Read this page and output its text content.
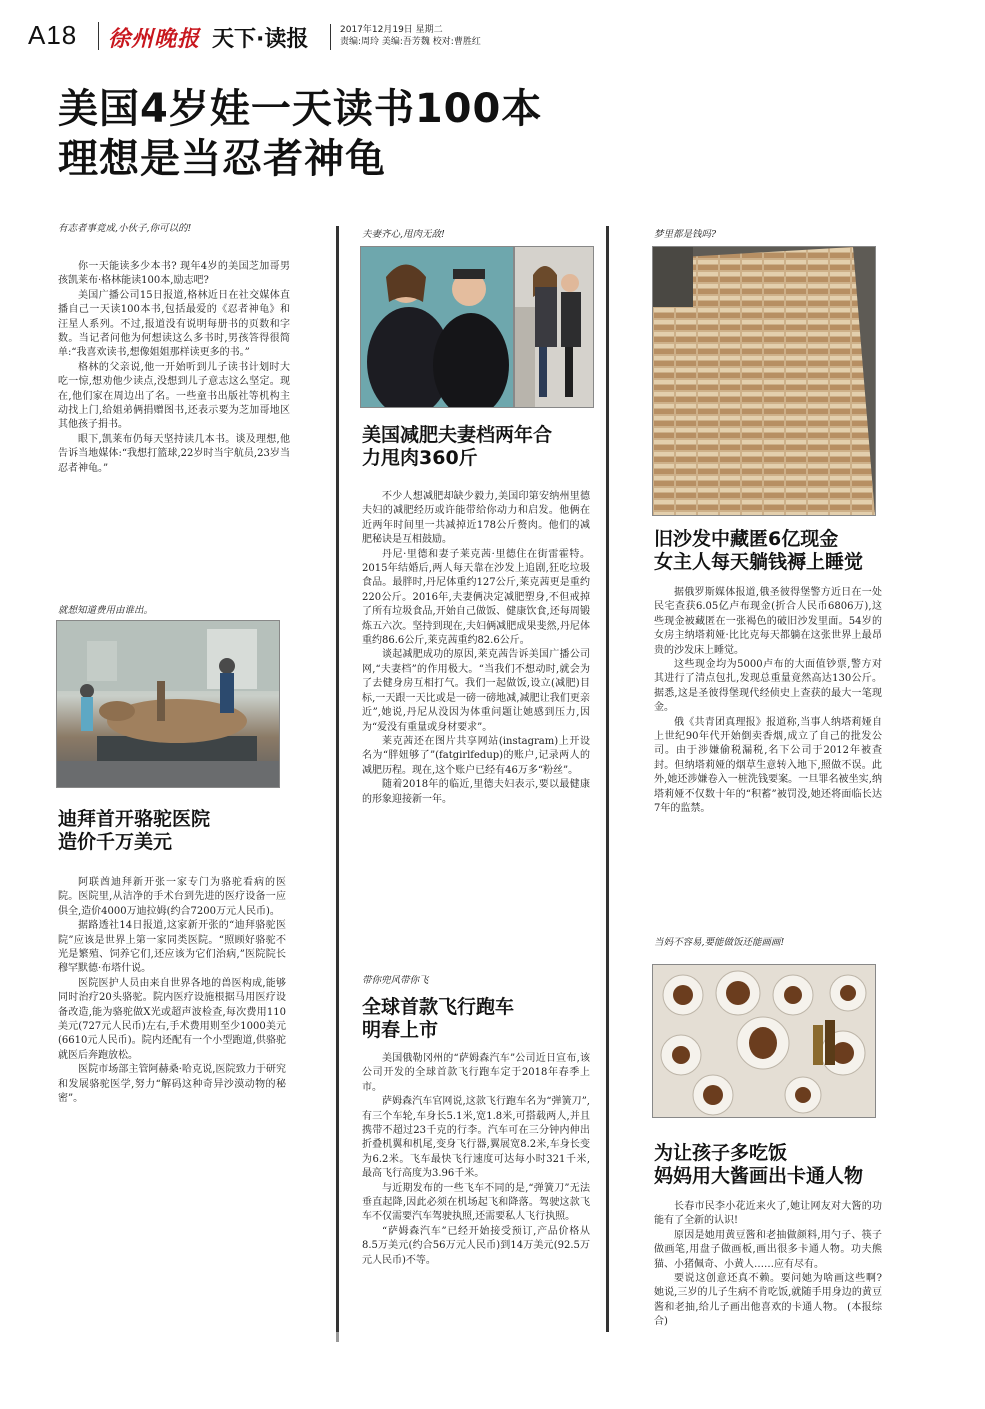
A18 徐州晚报 天下·读报	2017年12月19日 星期二
责编:周玲 美编:吾芳魏 校对:曹胜红
美国4岁娃一天读书100本
理想是当忍者神龟
有志者事竟成,小伙子,你可以的!

你一天能读多少本书? 现年4岁的美国芝加哥男孩凯莱布·格林能读100本,励志吧?

美国广播公司15日报道,格林近日在社交媒体直播自己一天读100本书,包括最爱的《忍者神龟》和汪星人系列。不过,报道没有说明每册书的页数和字数。当记者问他为何想读这么多书时,男孩答得很简单:“我喜欢读书,想像姐姐那样读更多的书。”

格林的父亲说,他一开始听到儿子读书计划时大吃一惊,想劝他少读点,没想到儿子意志这么坚定。现在,他们家在周边出了名。一些童书出版社等机构主动找上门,给姐弟俩捐赠图书,还表示要为芝加哥地区其他孩子捐书。

眼下,凯莱布仍每天坚持读几本书。谈及理想,他告诉当地媒体:“我想打篮球,22岁时当宇航员,23岁当忍者神龟。”

就想知道费用由谁出。
迪拜首开骆驼医院
造价千万美元

阿联酋迪拜新开张一家专门为骆驼看病的医院。医院里,从洁净的手术台到先进的医疗设备一应俱全,造价4000万迪拉姆(约合7200万元人民币)。

据路透社14日报道,这家新开张的“迪拜骆驼医院”应该是世界上第一家同类医院。“照顾好骆驼不光是繁殖、饲养它们,还应该为它们治病,”医院院长穆罕默德·布塔什说。

医院医护人员由来自世界各地的兽医构成,能够同时治疗20头骆驼。院内医疗设施根据马用医疗设备改造,能为骆驼做X光或超声波检查,每次费用110美元(727元人民币)左右,手术费用则至少1000美元(6610元人民币)。院内还配有一个小型跑道,供骆驼就医后奔跑放松。

医院市场部主管阿赫桑·哈克说,医院致力于研究和发展骆驼医学,努力“解码这种奇异沙漠动物的秘密”。

夫妻齐心,甩肉无敌!
美国减肥夫妻档两年合
力甩肉360斤

不少人想减肥却缺少毅力,美国印第安纳州里德夫妇的减肥经历或许能带给你动力和启发。他俩在近两年时间里一共减掉近178公斤赘肉。他们的减肥秘诀是互相鼓励。

丹尼·里德和妻子莱克茜·里德住在街雷霍特。2015年结婚后,两人每天靠在沙发上追剧,狂吃垃圾食品。最胖时,丹尼体重约127公斤,莱克茜更是重约220公斤。2016年,夫妻俩决定减肥塑身,不但戒掉了所有垃圾食品,开始自己做饭、健康饮食,还每周锻炼五六次。坚持到现在,夫妇俩减肥成果斐然,丹尼体重约86.6公斤,莱克茜重约82.6公斤。

谈起减肥成功的原因,莱克茜告诉美国广播公司网,“夫妻档”的作用极大。“当我们不想动时,就会为了去健身房互相打气。我们一起做饭,设立(减肥)目标,一天跟一天比或是一磅一磅地减,减肥让我们更亲近”,她说,丹尼从没因为体重问题让她感到压力,因为“爱没有重量或身材要求”。

莱克茜还在图片共享网站(instagram)上开设名为“胖妞够了”(fatgirlfedup)的账户,记录两人的减肥历程。现在,这个账户已经有46万多“粉丝”。

随着2018年的临近,里德夫妇表示,要以最健康的形象迎接新一年。

带你兜风带你飞
全球首款飞行跑车
明春上市

美国俄勒冈州的“萨姆森汽车”公司近日宣布,该公司开发的全球首款飞行跑车定于2018年春季上市。

萨姆森汽车官网说,这款飞行跑车名为“弹簧刀”,有三个车轮,车身长5.1米,宽1.8米,可搭载两人,并且携带不超过23千克的行李。汽车可在三分钟内伸出折叠机翼和机尾,变身飞行器,翼展宽8.2米,车身长变为6.2米。飞车最快飞行速度可达每小时321千米,最高飞行高度为3.96千米。

与近期发布的一些飞车不同的是,“弹簧刀”无法垂直起降,因此必须在机场起飞和降落。驾驶这款飞车不仅需要汽车驾驶执照,还需要私人飞行执照。

“萨姆森汽车”已经开始接受预订,产品价格从8.5万美元(约合56万元人民币)到14万美元(92.5万元人民币)不等。

梦里都是钱吗?
旧沙发中藏匿6亿现金
女主人每天躺钱褥上睡觉

据俄罗斯媒体报道,俄圣彼得堡警方近日在一处民宅查获6.05亿卢布现金(折合人民币6806万),这些现金被藏匿在一张褐色的破旧沙发里面。54岁的女房主纳塔莉娅·比比克每天都躺在这张世界上最昂贵的沙发床上睡觉。

这些现金均为5000卢布的大面值钞票,警方对其进行了清点包扎,发现总重量竟然高达130公斤。据悉,这是圣彼得堡现代经侦史上查获的最大一笔现金。

俄《共青团真理报》报道称,当事人纳塔莉娅自上世纪90年代开始倒卖香烟,成立了自己的批发公司。由于涉嫌偷税漏税,名下公司于2012年被查封。但纳塔莉娅的烟草生意转入地下,照做不误。此外,她还涉嫌卷入一桩洗钱要案。一旦罪名被坐实,纳塔莉娅不仅数十年的“积蓄”被罚没,她还将面临长达7年的监禁。

当妈不容易,要能做饭还能画画!
为让孩子多吃饭
妈妈用大酱画出卡通人物

长春市民李小花近来火了,她让网友对大酱的功能有了全新的认识!

原因是她用黄豆酱和老抽做颜料,用勺子、筷子做画笔,用盘子做画板,画出很多卡通人物。功夫熊猫、小猪佩奇、小黄人……应有尽有。

要说这创意还真不赖。要问她为啥画这些啊? 她说,三岁的儿子生病不肯吃饭,就随手用身边的黄豆酱和老抽,给儿子画出他喜欢的卡通人物。 (本报综合)
